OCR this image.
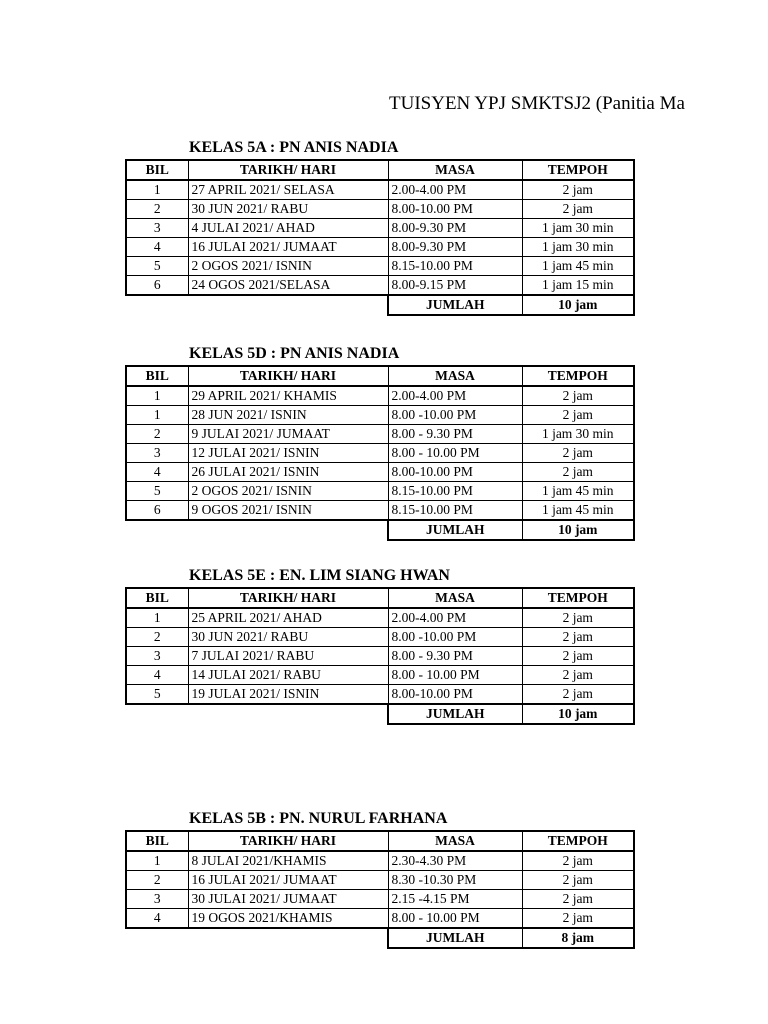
TUISYEN YPJ SMKTSJ2 (Panitia Ma
KELAS 5A : PN ANIS NADIA
BIL	TARIKH/ HARI	MASA	TEMPOH
1	27 APRIL 2021/ SELASA	2.00-4.00 PM	2 jam
2	30 JUN 2021/ RABU	8.00-10.00 PM	2 jam
3	4 JULAI 2021/ AHAD	8.00-9.30 PM	1 jam 30 min
4	16 JULAI 2021/ JUMAAT	8.00-9.30 PM	1 jam 30 min
5	2 OGOS 2021/ ISNIN	8.15-10.00 PM	1 jam 45 min
6	24 OGOS 2021/SELASA	8.00-9.15 PM	1 jam 15 min
		JUMLAH	10 jam
KELAS 5D : PN ANIS NADIA
BIL	TARIKH/ HARI	MASA	TEMPOH
1	29 APRIL 2021/ KHAMIS	2.00-4.00 PM	2 jam
1	28 JUN 2021/ ISNIN	8.00 -10.00 PM	2 jam
2	9 JULAI 2021/ JUMAAT	8.00 - 9.30 PM	1 jam 30 min
3	12 JULAI 2021/ ISNIN	8.00 - 10.00 PM	2 jam
4	26 JULAI 2021/ ISNIN	8.00-10.00 PM	2 jam
5	2 OGOS 2021/ ISNIN	8.15-10.00 PM	1 jam 45 min
6	9 OGOS 2021/ ISNIN	8.15-10.00 PM	1 jam 45 min
		JUMLAH	10 jam
KELAS 5E : EN. LIM SIANG HWAN
BIL	TARIKH/ HARI	MASA	TEMPOH
1	25 APRIL 2021/ AHAD	2.00-4.00 PM	2 jam
2	30 JUN 2021/ RABU	8.00 -10.00 PM	2 jam
3	7 JULAI 2021/ RABU	8.00 - 9.30 PM	2 jam
4	14 JULAI 2021/ RABU	8.00 - 10.00 PM	2 jam
5	19 JULAI 2021/ ISNIN	8.00-10.00 PM	2 jam
		JUMLAH	10 jam
KELAS 5B : PN. NURUL FARHANA
BIL	TARIKH/ HARI	MASA	TEMPOH
1	8 JULAI 2021/KHAMIS	2.30-4.30 PM	2 jam
2	16 JULAI 2021/ JUMAAT	8.30 -10.30 PM	2 jam
3	30 JULAI 2021/ JUMAAT	2.15 -4.15 PM	2 jam
4	19 OGOS 2021/KHAMIS	8.00 - 10.00 PM	2 jam
		JUMLAH	8 jam
